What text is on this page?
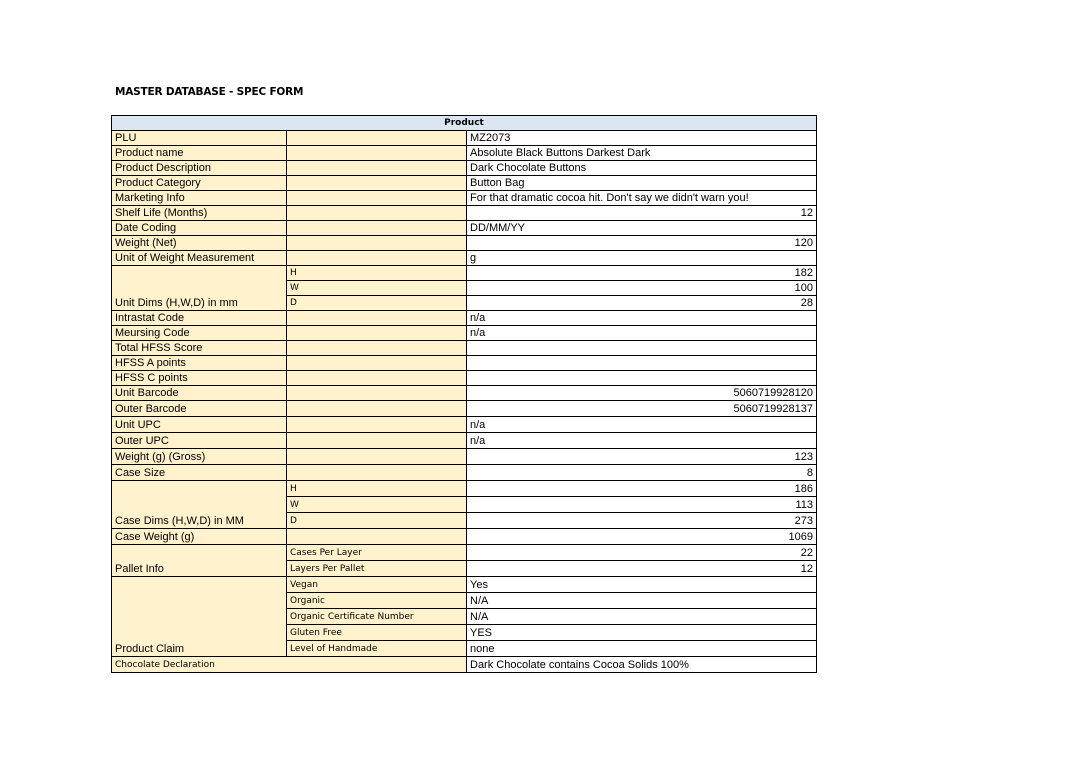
MASTER DATABASE - SPEC FORM
Product		
PLU		MZ2073
Product name		Absolute Black Buttons Darkest Dark
Product Description		Dark Chocolate Buttons
Product Category		Button Bag
Marketing Info		For that dramatic cocoa hit. Don't say we didn't warn you!
Shelf Life (Months)		12
Date Coding		DD/MM/YY
Weight (Net)		120
Unit of Weight Measurement		g
Unit Dims (H,W,D) in mm	H	182
	W	100
	D	28
Intrastat Code		n/a
Meursing Code		n/a
Total HFSS Score		
HFSS A points		
HFSS C points		
Unit Barcode		5060719928120
Outer Barcode		5060719928137
Unit UPC		n/a
Outer UPC		n/a
Weight (g) (Gross)		123
Case Size		8
Case Dims (H,W,D) in MM	H	186
	W	113
	D	273
Case Weight (g)		1069
Pallet Info	Cases Per Layer	22
	Layers Per Pallet	12
Product Claim	Vegan	Yes
	Organic	N/A
	Organic Certificate Number	N/A
	Gluten Free	YES
	Level of Handmade	none
Chocolate Declaration		Dark Chocolate contains Cocoa Solids 100%
